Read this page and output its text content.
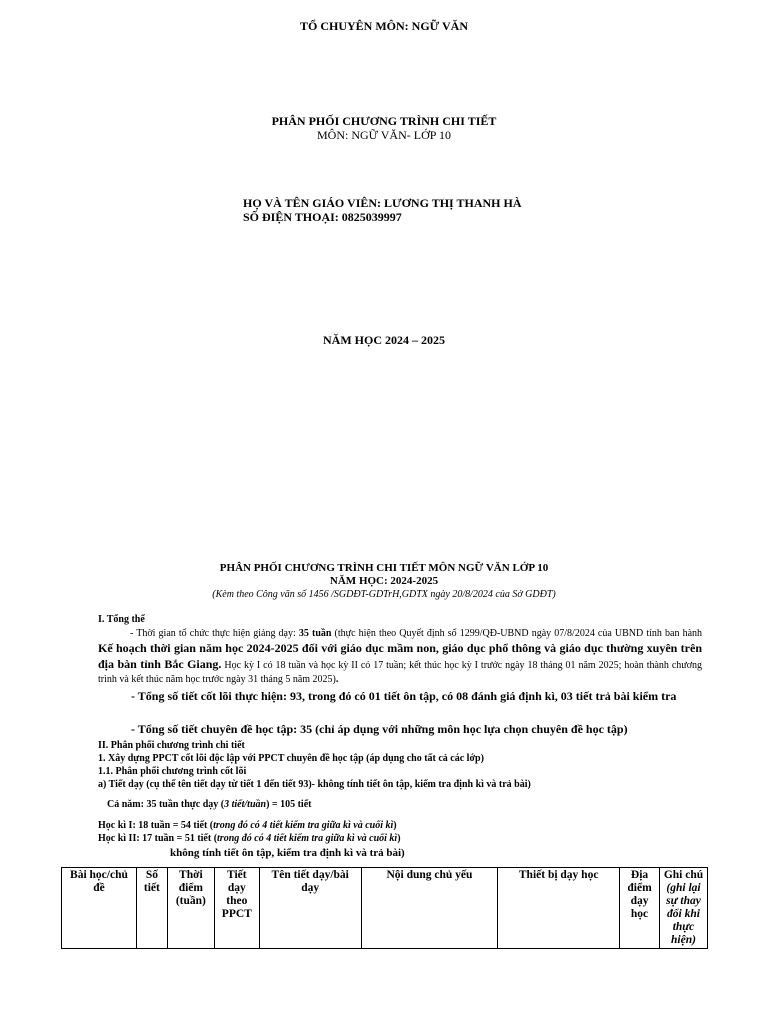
TỔ CHUYÊN MÔN: NGỮ VĂN
PHÂN PHỐI CHƯƠNG TRÌNH CHI TIẾT
MÔN: NGỮ VĂN- LỚP 10
HỌ VÀ TÊN GIÁO VIÊN: LƯƠNG THỊ THANH HÀ
SỐ ĐIỆN THOẠI: 0825039997
NĂM HỌC 2024 – 2025
PHÂN PHỐI CHƯƠNG TRÌNH CHI TIẾT MÔN NGỮ VĂN LỚP 10
NĂM HỌC: 2024-2025
(Kèm theo Công văn số 1456 /SGDĐT-GDTrH,GDTX ngày 20/8/2024 của Sở GDĐT)
I. Tổng thể
- Thời gian tổ chức thực hiện giảng dạy: 35 tuần (thực hiện theo Quyết định số 1299/QĐ-UBND ngày 07/8/2024 của UBND tỉnh ban hành Kế hoạch thời gian năm học 2024-2025 đối với giáo dục mầm non, giáo dục phổ thông và giáo dục thường xuyên trên địa bàn tỉnh Bắc Giang. Học kỳ I có 18 tuần và học kỳ II có 17 tuần; kết thúc học kỳ I trước ngày 18 tháng 01 năm 2025; hoàn thành chương trình và kết thúc năm học trước ngày 31 tháng 5 năm 2025).
- Tổng số tiết cốt lõi thực hiện: 93, trong đó có 01 tiết ôn tập, có 08 đánh giá định kì, 03 tiết trả bài kiểm tra
- Tổng số tiết chuyên đề học tập: 35 (chỉ áp dụng với những môn học lựa chọn chuyên đề học tập)
II. Phân phối chương trình chi tiết
1. Xây dựng PPCT cốt lõi độc lập với PPCT chuyên đề học tập (áp dụng cho tất cả các lớp)
1.1. Phân phối chương trình cốt lõi
a) Tiết dạy (cụ thể tên tiết dạy từ tiết 1 đến tiết 93)- không tính tiết ôn tập, kiểm tra định kì và trả bài)
Cả năm: 35 tuần thực dạy (3 tiết/tuần) = 105 tiết
Học kì I: 18 tuần = 54 tiết (trong đó có 4 tiết kiểm tra giữa kì và cuối kì)
Học kì II: 17 tuần = 51 tiết (trong đó có 4 tiết kiểm tra giữa kì và cuối kì)
không tính tiết ôn tập, kiểm tra định kì và trả bài)
Bài học/chủ đề	Số tiết	Thời điểm (tuần)	Tiết dạy theo PPCT	Tên tiết dạy/bài dạy	Nội dung chủ yếu	Thiết bị dạy học	Địa điểm dạy học	Ghi chú (ghi lại sự thay đổi khi thực hiện)
